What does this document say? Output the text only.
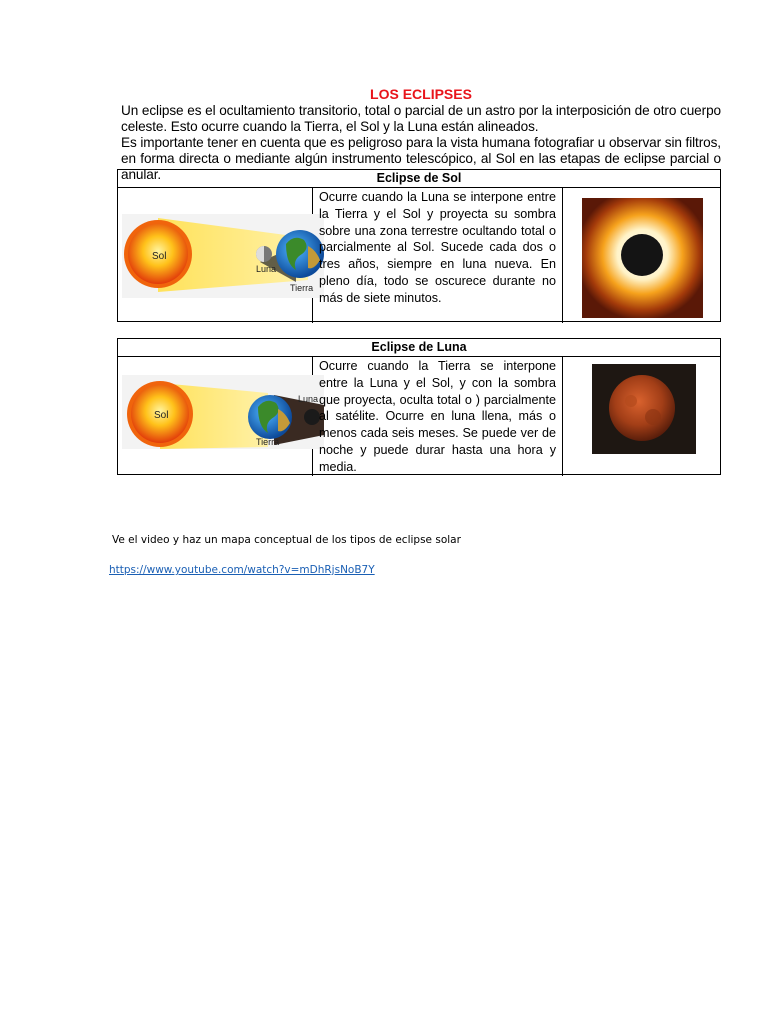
LOS ECLIPSES

Un eclipse es el ocultamiento transitorio, total o parcial de un astro por la interposición de otro cuerpo celeste. Esto ocurre cuando la Tierra, el Sol y la Luna están alineados.

Es importante tener en cuenta que es peligroso para la vista humana fotografiar u observar sin filtros, en forma directa o mediante algún instrumento telescópico, al Sol en las etapas de eclipse parcial o anular.	Eclipse de Sol
Sol
Luna
Tierra
Ocurre cuando la Luna se interpone entre la Tierra y el Sol y proyecta su sombra sobre una zona terrestre ocultando total o parcialmente al Sol. Sucede cada dos o tres años, siempre en luna nueva. En pleno día, todo se oscurece durante no más de siete minutos.
Eclipse de Luna
Sol
Tierra
Luna
Ocurre cuando la Tierra se interpone entre la Luna y el Sol, y con la sombra que proyecta, oculta total o ) parcialmente al satélite. Ocurre en luna llena, más o menos cada seis meses. Se puede ver de noche y puede durar hasta una hora y media.
Ve el video y haz un mapa conceptual de los tipos de eclipse solar
https://www.youtube.com/watch?v=mDhRjsNoB7Y
